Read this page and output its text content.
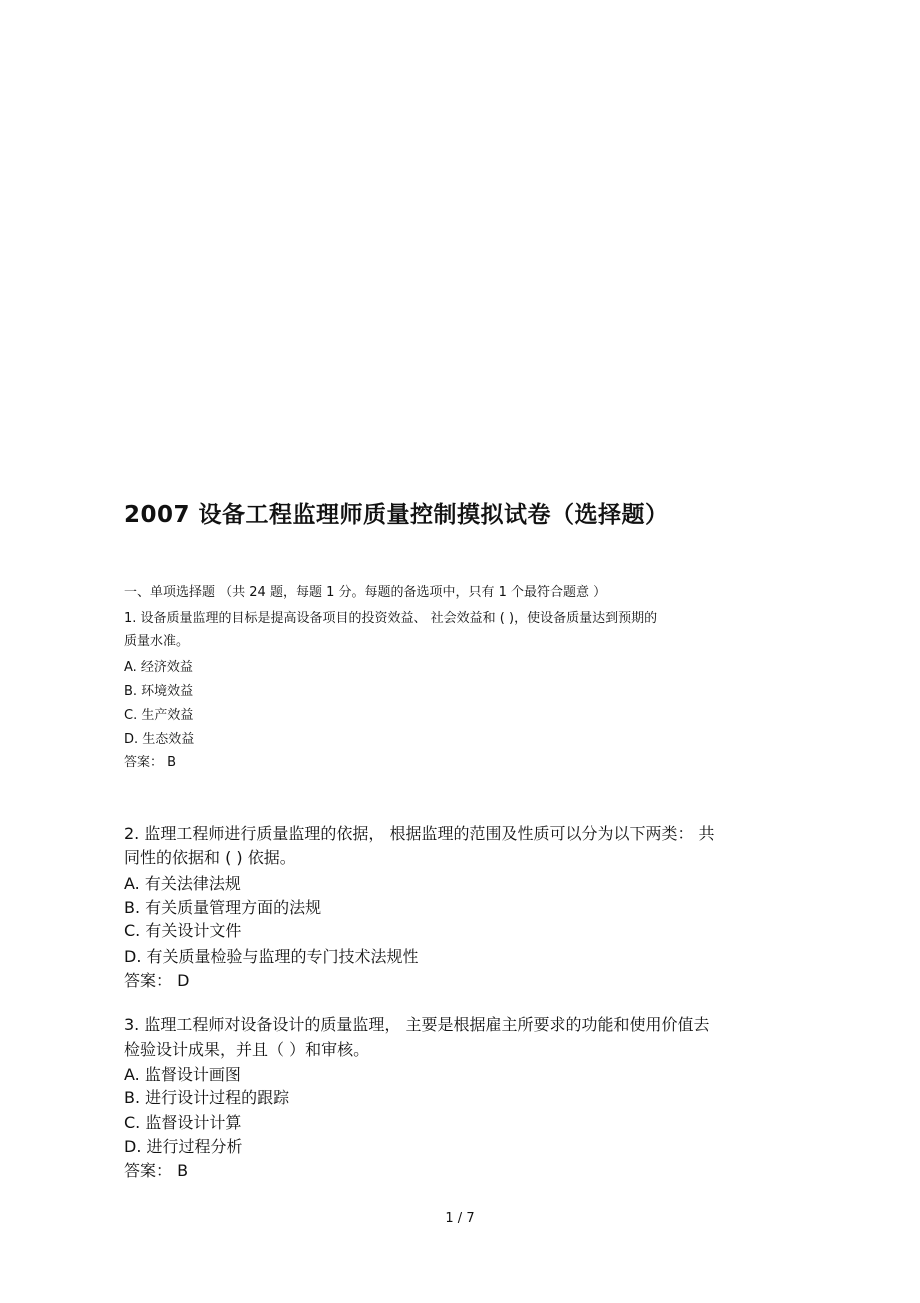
2007 设备工程监理师质量控制摸拟试卷（选择题）
一、单项选择题 （共 24 题，每题 1 分。每题的备选项中，只有 1 个最符合题意 ）
1. 设备质量监理的目标是提高设备项目的投资效益、 社会效益和 ( )，使设备质量达到预期的
质量水准。
A. 经济效益
B. 环境效益
C. 生产效益
D. 生态效益
答案： B
2. 监理工程师进行质量监理的依据， 根据监理的范围及性质可以分为以下两类： 共
同性的依据和 ( ) 依据。
A. 有关法律法规
B. 有关质量管理方面的法规
C. 有关设计文件
D. 有关质量检验与监理的专门技术法规性
答案： D
3. 监理工程师对设备设计的质量监理， 主要是根据雇主所要求的功能和使用价值去
检验设计成果，并且（ ）和审核。
A. 监督设计画图
B. 进行设计过程的跟踪
C. 监督设计计算
D. 进行过程分析
答案： B
1 / 7
